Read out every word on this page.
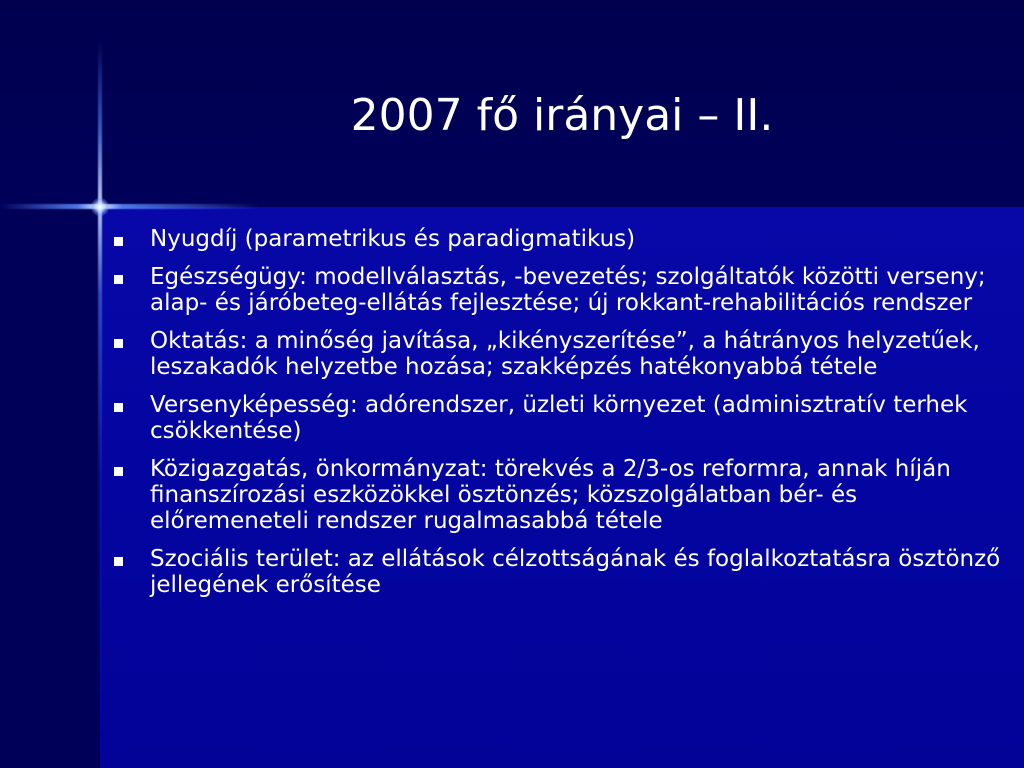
2007 fő irányai – II.
Nyugdíj (parametrikus és paradigmatikus)
Egészségügy: modellválasztás, -bevezetés; szolgáltatók közötti verseny; alap- és járóbeteg-ellátás fejlesztése; új rokkant-rehabilitációs rendszer
Oktatás: a minőség javítása, „kikényszerítése”, a hátrányos helyzetűek, leszakadók helyzetbe hozása; szakképzés hatékonyabbá tétele
Versenyképesség: adórendszer, üzleti környezet (adminisztratív terhek csökkentése)
Közigazgatás, önkormányzat: törekvés a 2/3-os reformra, annak híján finanszírozási eszközökkel ösztönzés; közszolgálatban bér- és előremeneteli rendszer rugalmasabbá tétele
Szociális terület: az ellátások célzottságának és foglalkoztatásra ösztönző jellegének erősítése
